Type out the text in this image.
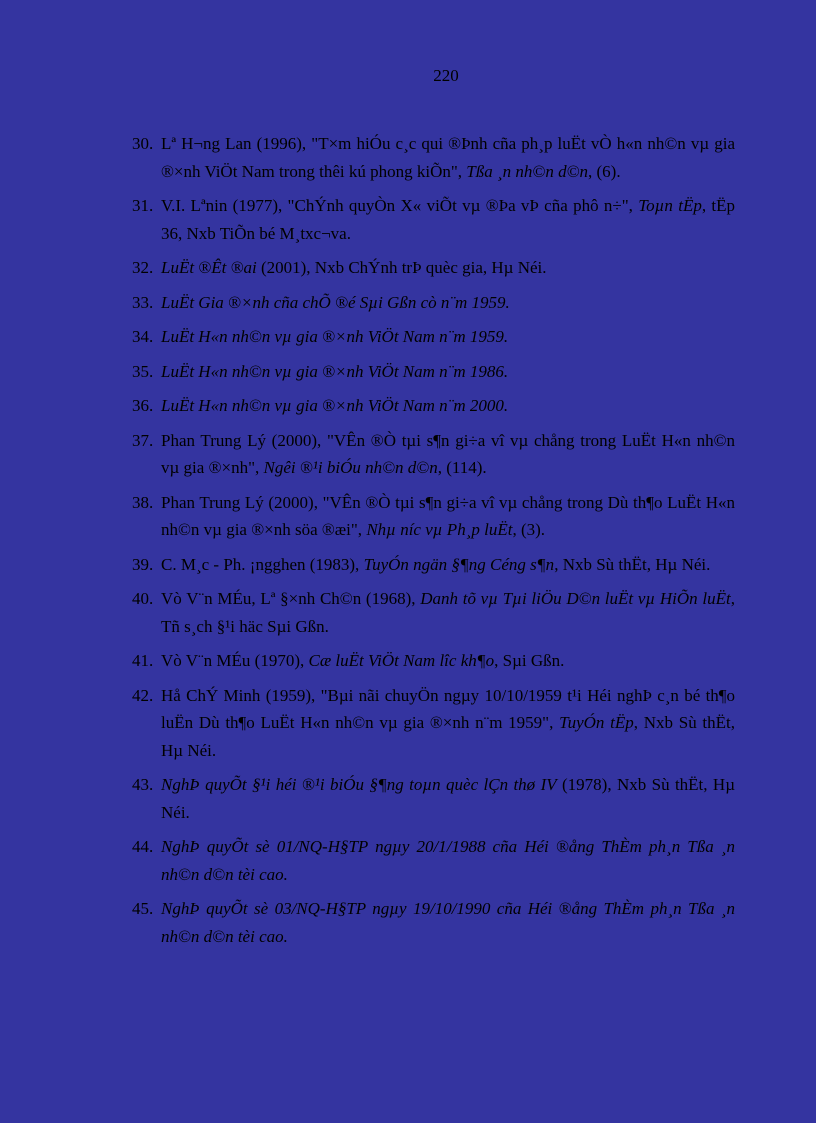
220
30. Lª H¬ng Lan (1996), "T×m hiÓu c¸c qui ®Þnh cña ph¸p luËt vÒ h«n nh©n vµ gia ®×nh ViÖt Nam trong thêi kú phong kiÕn", Tßa ¸n nh©n d©n, (6).
31. V.I. Lªnin (1977), "ChÝnh quyÒn X« viÕt vµ ®Þa vÞ cña phô n÷", Toµn tËp, tËp 36, Nxb TiÕn bé M¸txc¬va.
32. LuËt ®Êt ®ai (2001), Nxb ChÝnh trÞ quèc gia, Hµ Néi.
33. LuËt Gia ®×nh cña chÕ ®é Sµi Gßn cò n¨m 1959.
34. LuËt H«n nh©n vµ gia ®×nh ViÖt Nam n¨m 1959.
35. LuËt H«n nh©n vµ gia ®×nh ViÖt Nam n¨m 1986.
36. LuËt H«n nh©n vµ gia ®×nh ViÖt Nam n¨m 2000.
37. Phan Trung Lý (2000), "VÊn ®Ò tµi s¶n gi÷a vî vµ chång trong LuËt H«n nh©n vµ gia ®×nh", Ngêi ®¹i biÓu nh©n d©n, (114).
38. Phan Trung Lý (2000), "VÊn ®Ò tµi s¶n gi÷a vî vµ chång trong Dù th¶o LuËt H«n nh©n vµ gia ®×nh söa ®æi", Nhµ níc vµ Ph¸p luËt, (3).
39. C. M¸c - Ph. ¡ngghen (1983), TuyÓn ngän §¶ng Céng s¶n, Nxb Sù thËt, Hµ Néi.
40. Vò V¨n MÉu, Lª §×nh Ch©n (1968), Danh tõ vµ Tµi liÖu D©n luËt vµ HiÕn luËt, Tñ s¸ch §¹i häc Sµi Gßn.
41. Vò V¨n MÉu (1970), Cæ luËt ViÖt Nam lîc kh¶o, Sµi Gßn.
42. Hå ChÝ Minh (1959), "Bµi nãi chuyÖn ngµy 10/10/1959 t¹i Héi nghÞ c¸n bé th¶o luËn Dù th¶o LuËt H«n nh©n vµ gia ®×nh n¨m 1959", TuyÓn tËp, Nxb Sù thËt, Hµ Néi.
43. NghÞ quyÕt §¹i héi ®¹i biÓu §¶ng toµn quèc lÇn thø IV (1978), Nxb Sù thËt, Hµ Néi.
44. NghÞ quyÕt sè 01/NQ-H§TP ngµy 20/1/1988 cña Héi ®ång ThÈm ph¸n Tßa ¸n nh©n d©n tèi cao.
45. NghÞ quyÕt sè 03/NQ-H§TP ngµy 19/10/1990 cña Héi ®ång ThÈm ph¸n Tßa ¸n nh©n d©n tèi cao.
